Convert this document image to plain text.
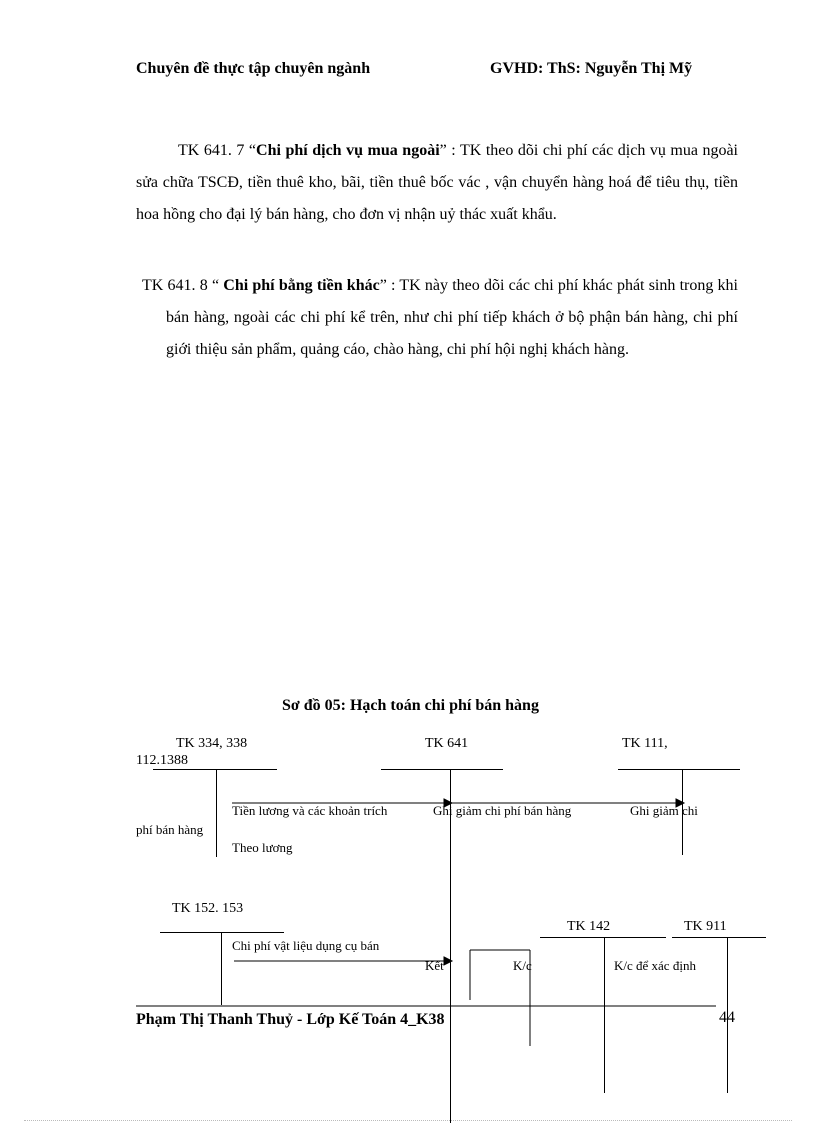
Chuyên đề thực tập chuyên ngành	GVHD: ThS: Nguyễn Thị Mỹ
TK 641. 7 “Chi phí dịch vụ mua ngoài” : TK theo dõi chi phí các dịch vụ mua ngoài sửa chữa TSCĐ, tiền thuê kho, bãi, tiền thuê bốc vác , vận chuyển hàng hoá để tiêu thụ, tiền hoa hồng cho đại lý bán hàng, cho đơn vị nhận uỷ thác xuất khẩu.
TK 641. 8 “ Chi phí bằng tiền khác” : TK này theo dõi các chi phí khác phát sinh trong khi bán hàng, ngoài các chi phí kể trên, như chi phí tiếp khách ở bộ phận bán hàng, chi phí giới thiệu sản phẩm, quảng cáo, chào hàng, chi phí hội nghị khách hàng.
Sơ đồ 05: Hạch toán chi phí bán hàng
TK 334, 338
112.1388
TK 641	TK 111,
TK 152. 153
TK 142	TK 911
Tiền lương và các khoản trích	Ghi giảm chi phí bán hàng	Ghi giảm chi
phí bán hàng
Theo lương
Chi phí vật liệu dụng cụ bán
Kết	K/c	K/c để xác định
Phạm Thị Thanh Thuỷ - Lớp Kế Toán 4_K38	44
